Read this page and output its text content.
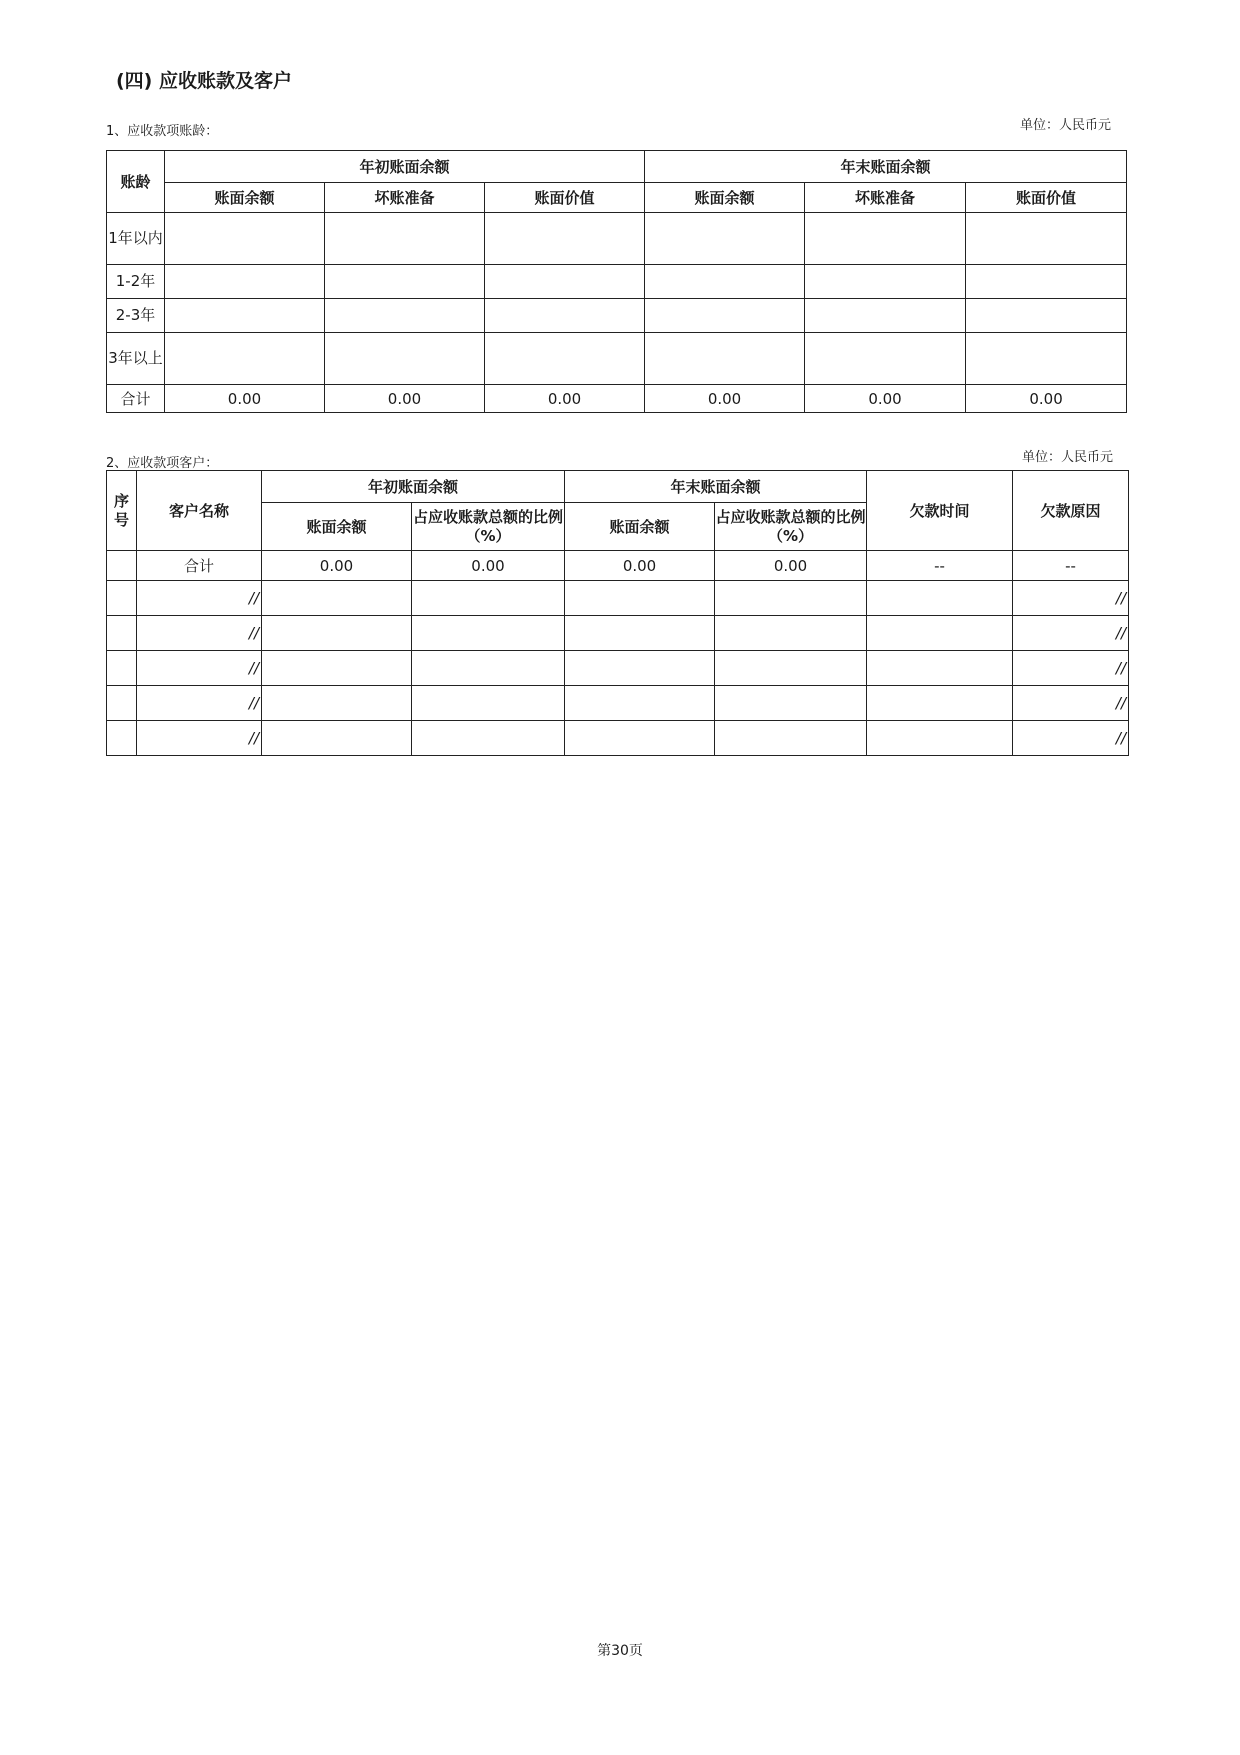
(四) 应收账款及客户
1、应收款项账龄：	单位：人民币元
账龄	年初账面余额			年末账面余额		
	账面余额	坏账准备	账面价值	账面余额	坏账准备	账面价值
1年以内						
1-2年						
2-3年						
3年以上						
合计	0.00	0.00	0.00	0.00	0.00	0.00
2、应收款项客户：	单位：人民币元
序号	客户名称	年初账面余额		年末账面余额		欠款时间	欠款原因
		账面余额	占应收账款总额的比例（%）	账面余额	占应收账款总额的比例（%）		
	合计	0.00	0.00	0.00	0.00	--	--
	//						//
	//						//
	//						//
	//						//
	//						//
第30页
